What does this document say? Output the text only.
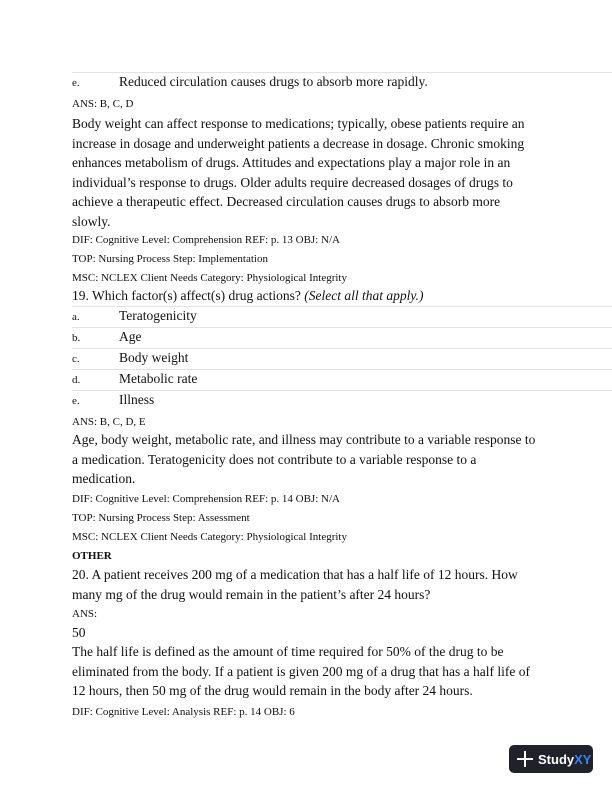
e.	Reduced circulation causes drugs to absorb more rapidly.
ANS: B, C, D
Body weight can affect response to medications; typically, obese patients require an increase in dosage and underweight patients a decrease in dosage. Chronic smoking enhances metabolism of drugs. Attitudes and expectations play a major role in an individual’s response to drugs. Older adults require decreased dosages of drugs to achieve a therapeutic effect. Decreased circulation causes drugs to absorb more slowly.
DIF: Cognitive Level: Comprehension REF: p. 13 OBJ: N/A
TOP: Nursing Process Step: Implementation
MSC: NCLEX Client Needs Category: Physiological Integrity
19. Which factor(s) affect(s) drug actions? (Select all that apply.)
a.	Teratogenicity
b.	Age
c.	Body weight
d.	Metabolic rate
e.	Illness
ANS: B, C, D, E
Age, body weight, metabolic rate, and illness may contribute to a variable response to a medication. Teratogenicity does not contribute to a variable response to a medication.
DIF: Cognitive Level: Comprehension REF: p. 14 OBJ: N/A
TOP: Nursing Process Step: Assessment
MSC: NCLEX Client Needs Category: Physiological Integrity
OTHER
20. A patient receives 200 mg of a medication that has a half life of 12 hours. How many mg of the drug would remain in the patient’s after 24 hours?
ANS:
50
The half life is defined as the amount of time required for 50% of the drug to be eliminated from the body. If a patient is given 200 mg of a drug that has a half life of 12 hours, then 50 mg of the drug would remain in the body after 24 hours.
DIF: Cognitive Level: Analysis REF: p. 14 OBJ: 6
StudyXY
